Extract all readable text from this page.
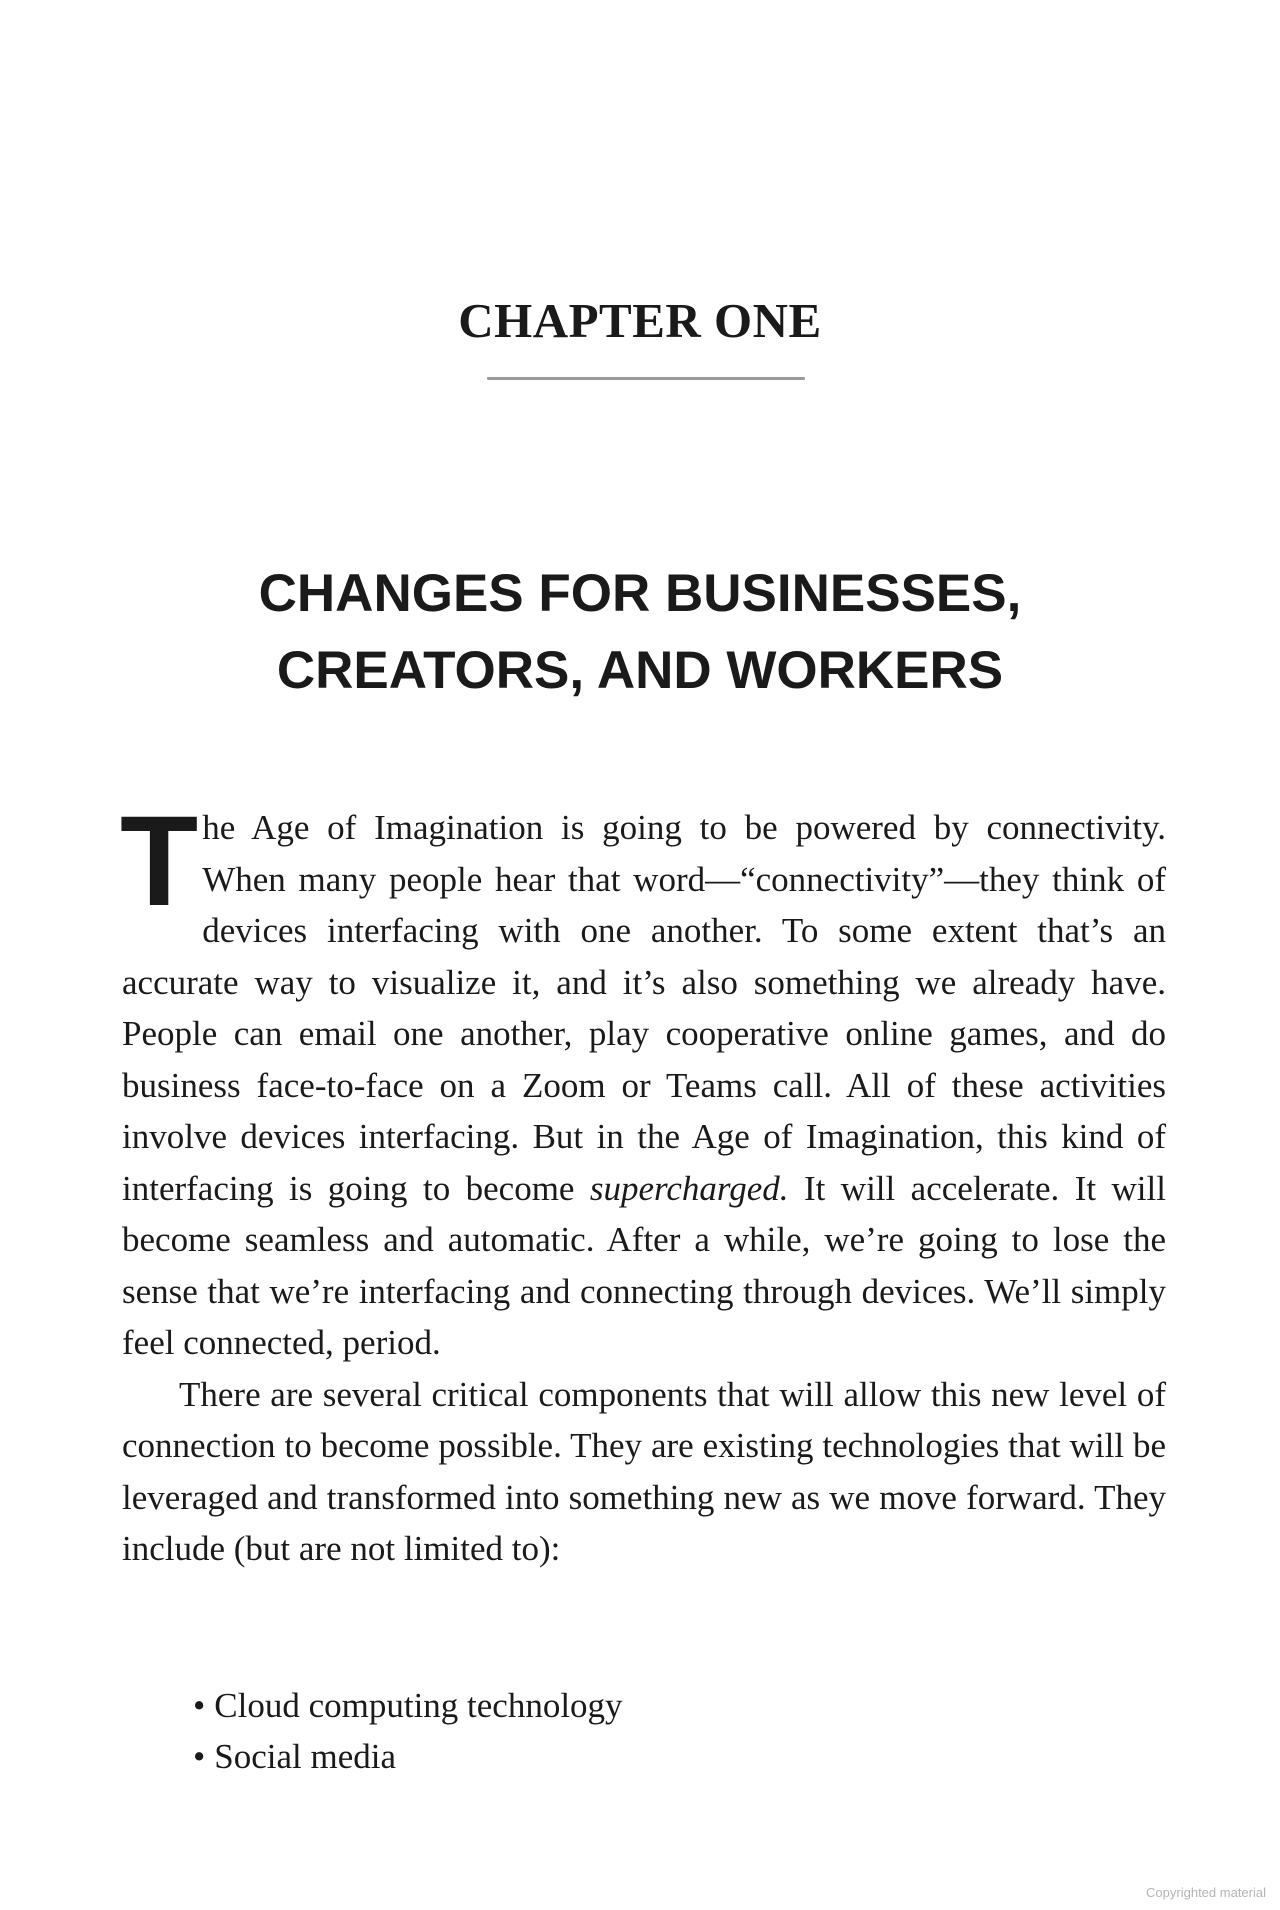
CHAPTER ONE
CHANGES FOR BUSINESSES,
CREATORS, AND WORKERS

The Age of Imagination is going to be powered by connectivity. When many people hear that word—“connectivity”—they think of devices interfacing with one another. To some extent that’s an accurate way to visualize it, and it’s also something we already have. People can email one another, play cooperative online games, and do business face-to-face on a Zoom or Teams call. All of these activities involve devices interfacing. But in the Age of Imagination, this kind of interfacing is going to become supercharged. It will accelerate. It will become seamless and automatic. After a while, we’re going to lose the sense that we’re interfacing and connecting through devices. We’ll simply feel connected, period.

There are several critical components that will allow this new level of connection to become possible. They are existing technologies that will be leveraged and transformed into something new as we move forward. They include (but are not limited to):

• Cloud computing technology
• Social media
Copyrighted material
